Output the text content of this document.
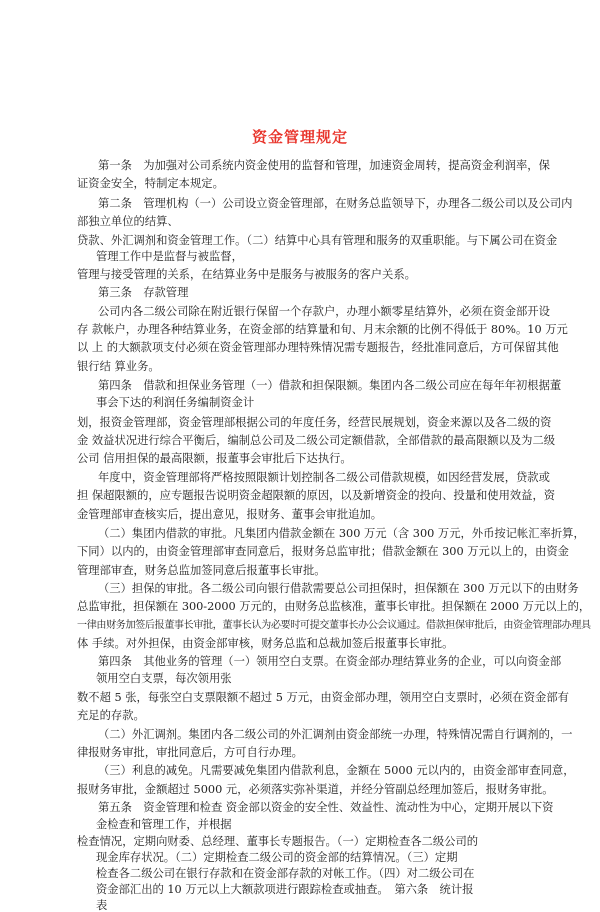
资金管理规定
第一条　为加强对公司系统内资金使用的监督和管理，加速资金周转，提高资金利润率，保
证资金安全，特制定本规定。
第二条　管理机构（一）公司设立资金管理部，在财务总监领导下，办理各二级公司以及公司内
部独立单位的结算、
贷款、外汇调剂和资金管理工作。（二）结算中心具有管理和服务的双重职能。与下属公司在资金
管理工作中是监督与被监督，
管理与接受管理的关系，在结算业务中是服务与被服务的客户关系。
第三条　存款管理
公司内各二级公司除在附近银行保留一个存款户，办理小额零星结算外，必须在资金部开设
存 款帐户，办理各种结算业务，在资金部的结算量和旬、月末余额的比例不得低于 80%。10 万元
以 上 的大额款项支付必须在资金管理部办理特殊情况需专题报告，经批准同意后，方可保留其他
银行结 算业务。
第四条　借款和担保业务管理（一）借款和担保限额。集团内各二级公司应在每年年初根据董
事会下达的利润任务编制资金计
划，报资金管理部，资金管理部根据公司的年度任务，经营民展规划，资金来源以及各二级的资
金 效益状况进行综合平衡后，编制总公司及二级公司定额借款，全部借款的最高限额以及为二级
公司 信用担保的最高限额，报董事会审批后下达执行。
年度中，资金管理部将严格按照限额计划控制各二级公司借款规模，如因经营发展，贷款或
担 保超限额的，应专题报告说明资金超限额的原因，以及新增资金的投向、投量和使用效益，资
金管理部审查核实后，提出意见，报财务、董事会审批追加。
（二）集团内借款的审批。凡集团内借款金额在 300 万元（含 300 万元，外币按记帐汇率折算，
下同）以内的，由资金管理部审查同意后，报财务总监审批；借款金额在 300 万元以上的，由资金
管理部审查，财务总监加签同意后报董事长审批。
（三）担保的审批。各二级公司向银行借款需要总公司担保时，担保额在 300 万元以下的由财务
总监审批，担保额在 300-2000 万元的，由财务总监核准，董事长审批。担保额在 2000 万元以上的，
一律由财务加签后报董事长审批，董事长认为必要时可提交董事长办公会议通过。借款担保审批后，由资金管理部办理具
体 手续。对外担保，由资金部审核，财务总监和总裁加签后报董事长审批。
第四条　其他业务的管理（一）领用空白支票。在资金部办理结算业务的企业，可以向资金部
领用空白支票，每次领用张
数不超 5 张，每张空白支票限额不超过 5 万元，由资金部办理，领用空白支票时，必须在资金部有
充足的存款。
（二）外汇调剂。集团内各二级公司的外汇调剂由资金部统一办理，特殊情况需自行调剂的，一
律报财务审批，审批同意后，方可自行办理。
（三）利息的减免。凡需要减免集团内借款利息，金额在 5000 元以内的，由资金部审查同意，
报财务审批，金额超过 5000 元，必须落实弥补渠道，并经分管副总经理加签后，报财务审批。
第五条　资金管理和检查 资金部以资金的安全性、效益性、流动性为中心，定期开展以下资
金检查和管理工作，并根据
检查情况，定期向财委、总经理、董事长专题报告。（一）定期检查各二级公司的
现金库存状况。（二）定期检查二级公司的资金部的结算情况。（三）定期
检查各二级公司在银行存款和在资金部存款的对帐工作。（四）对二级公司在
资金部汇出的 10 万元以上大额款项进行跟踪检查或抽查。　第六条　统计报
表
